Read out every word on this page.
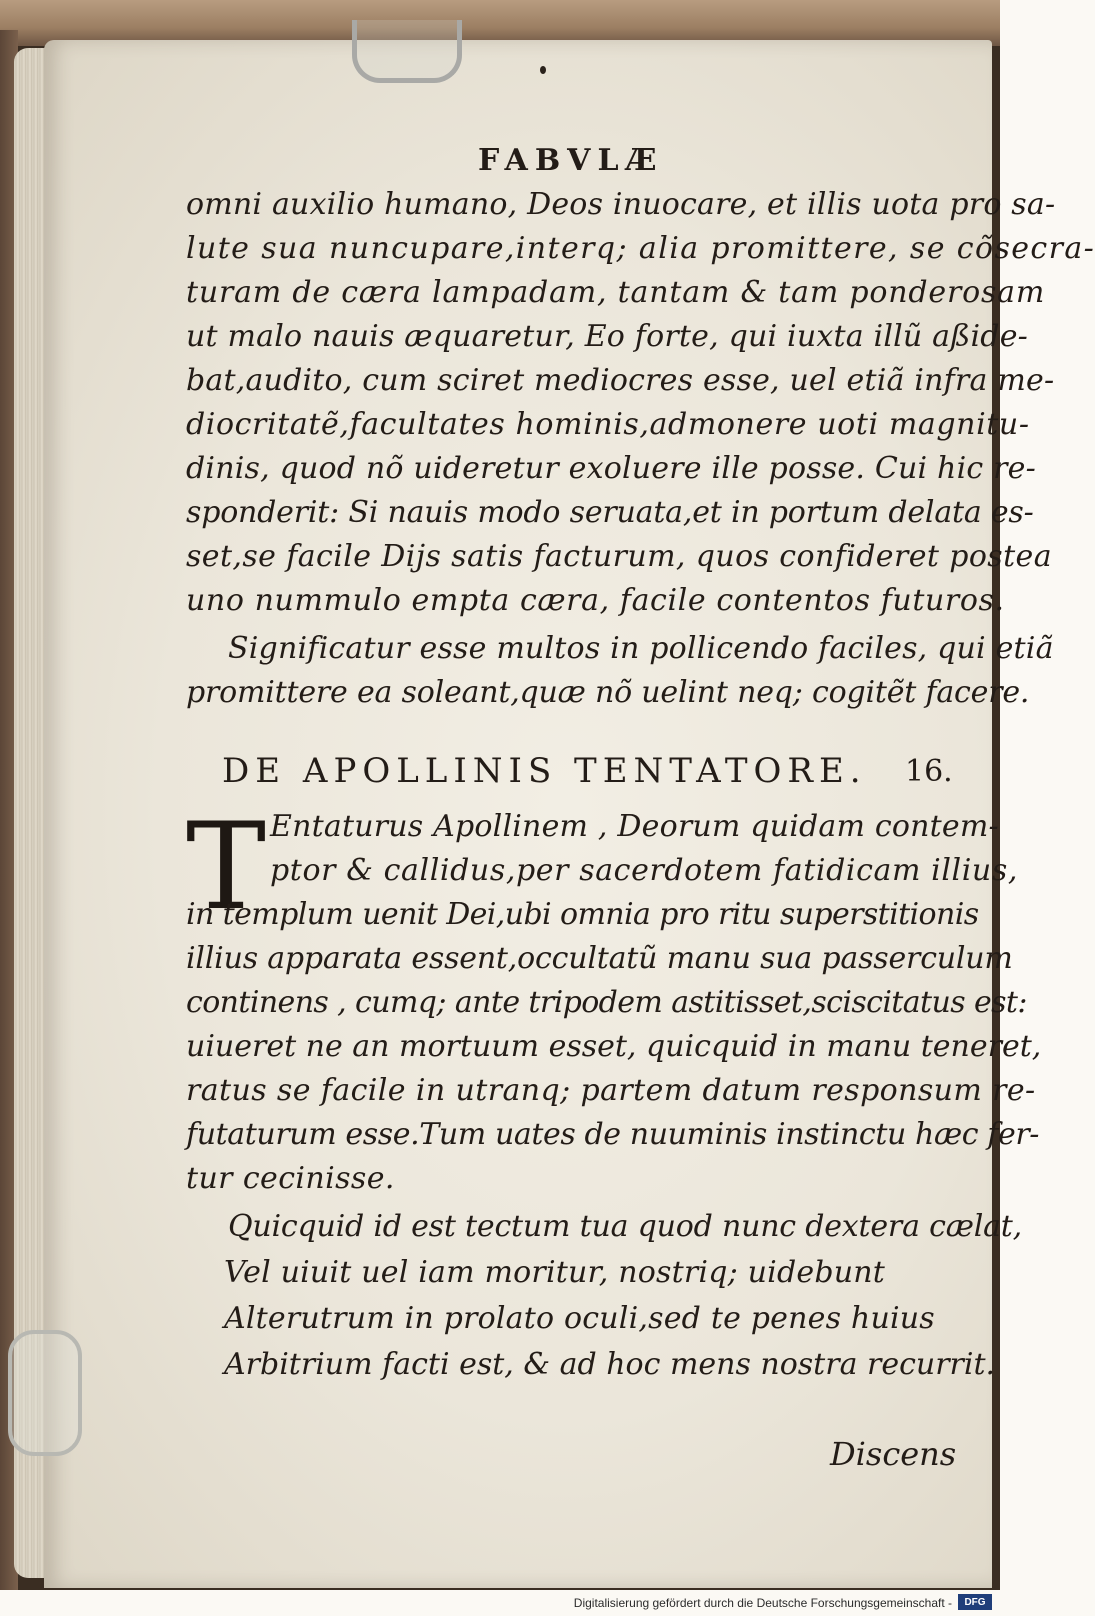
FABVLÆ
omni auxilio humano, Deos inuocare, et illis uota pro sa-
lute sua nuncupare,interq; alia promittere, se cõsecra-
turam de cæra lampadam, tantam & tam ponderosam
ut malo nauis æquaretur, Eo forte, qui iuxta illũ aßide-
bat,audito, cum sciret mediocres esse, uel etiã infra me-
diocritatẽ,facultates hominis,admonere uoti magnitu-
dinis, quod nõ uideretur exoluere ille posse. Cui hic re-
sponderit: Si nauis modo seruata,et in portum delata es-
set,se facile Dijs satis facturum, quos confideret postea
uno nummulo empta cæra, facile contentos futuros.
Significatur esse multos in pollicendo faciles, qui etiã
promittere ea soleant,quæ nõ uelint neq; cogitẽt facere.
DE APOLLINIS TENTATORE. 16.
T Entaturus Apollinem , Deorum quidam contem-
ptor & callidus,per sacerdotem fatidicam illius,
in templum uenit Dei,ubi omnia pro ritu superstitionis
illius apparata essent,occultatũ manu sua passerculum
continens , cumq; ante tripodem astitisset,sciscitatus est:
uiueret ne an mortuum esset, quicquid in manu teneret,
ratus se facile in utranq; partem datum responsum re-
futaturum esse.Tum uates de nuuminis instinctu hæc fer-
tur cecinisse.
Quicquid id est tectum tua quod nunc dextera cælat,
Vel uiuit uel iam moritur, nostriq; uidebunt
Alterutrum in prolato oculi,sed te penes huius
Arbitrium facti est, & ad hoc mens nostra recurrit.
Discens
Digitalisierung gefördert durch die Deutsche Forschungsgemeinschaft -	DFG
